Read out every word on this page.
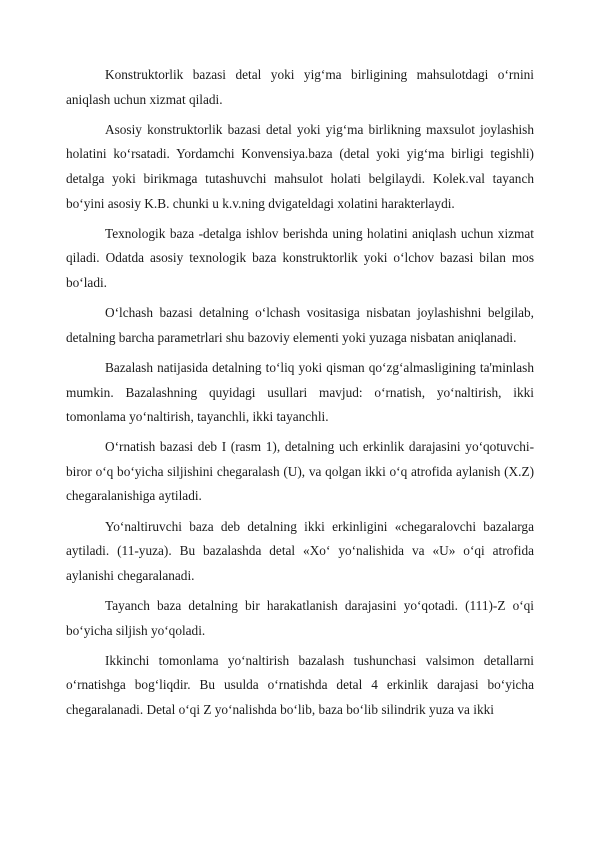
Konstruktorlik bazasi detal yoki yig‘ma birligining mahsulotdagi o‘rnini aniqlash uchun xizmat qiladi.

Asosiy konstruktorlik bazasi detal yoki yig‘ma birlikning maxsulot joylashish holatini ko‘rsatadi. Yordamchi Konvensiya.baza (detal yoki yig‘ma birligi tegishli) detalga yoki birikmaga tutashuvchi mahsulot holati belgilaydi. Kolek.val tayanch bo‘yini asosiy K.B. chunki u k.v.ning dvigateldagi xolatini harakterlaydi.

Texnologik baza -detalga ishlov berishda uning holatini aniqlash uchun xizmat qiladi. Odatda asosiy texnologik baza konstruktorlik yoki o‘lchov bazasi bilan mos bo‘ladi.

O‘lchash bazasi detalning o‘lchash vositasiga nisbatan joylashishni belgilab, detalning barcha parametrlari shu bazoviy elementi yoki yuzaga nisbatan aniqlanadi.

Bazalash natijasida detalning to‘liq yoki qisman qo‘zg‘almasligining ta'minlash mumkin. Bazalashning quyidagi usullari mavjud: o‘rnatish, yo‘naltirish, ikki tomonlama yo‘naltirish, tayanchli, ikki tayanchli.

O‘rnatish bazasi deb I (rasm 1), detalning uch erkinlik darajasini yo‘qotuvchi-biror o‘q bo‘yicha siljishini chegaralash (U), va qolgan ikki o‘q atrofida aylanish (X.Z) chegaralanishiga aytiladi.

Yo‘naltiruvchi baza deb detalning ikki erkinligini «chegaralovchi bazalarga aytiladi. (11-yuza). Bu bazalashda detal «Xo‘ yo‘nalishida va «U» o‘qi atrofida aylanishi chegaralanadi.

Tayanch baza detalning bir harakatlanish darajasini yo‘qotadi. (111)-Z o‘qi bo‘yicha siljish yo‘qoladi.

Ikkinchi tomonlama yo‘naltirish bazalash tushunchasi valsimon detallarni o‘rnatishga bog‘liqdir. Bu usulda o‘rnatishda detal 4 erkinlik darajasi bo‘yicha chegaralanadi. Detal o‘qi Z yo‘nalishda bo‘lib, baza bo‘lib silindrik yuza va ikki
